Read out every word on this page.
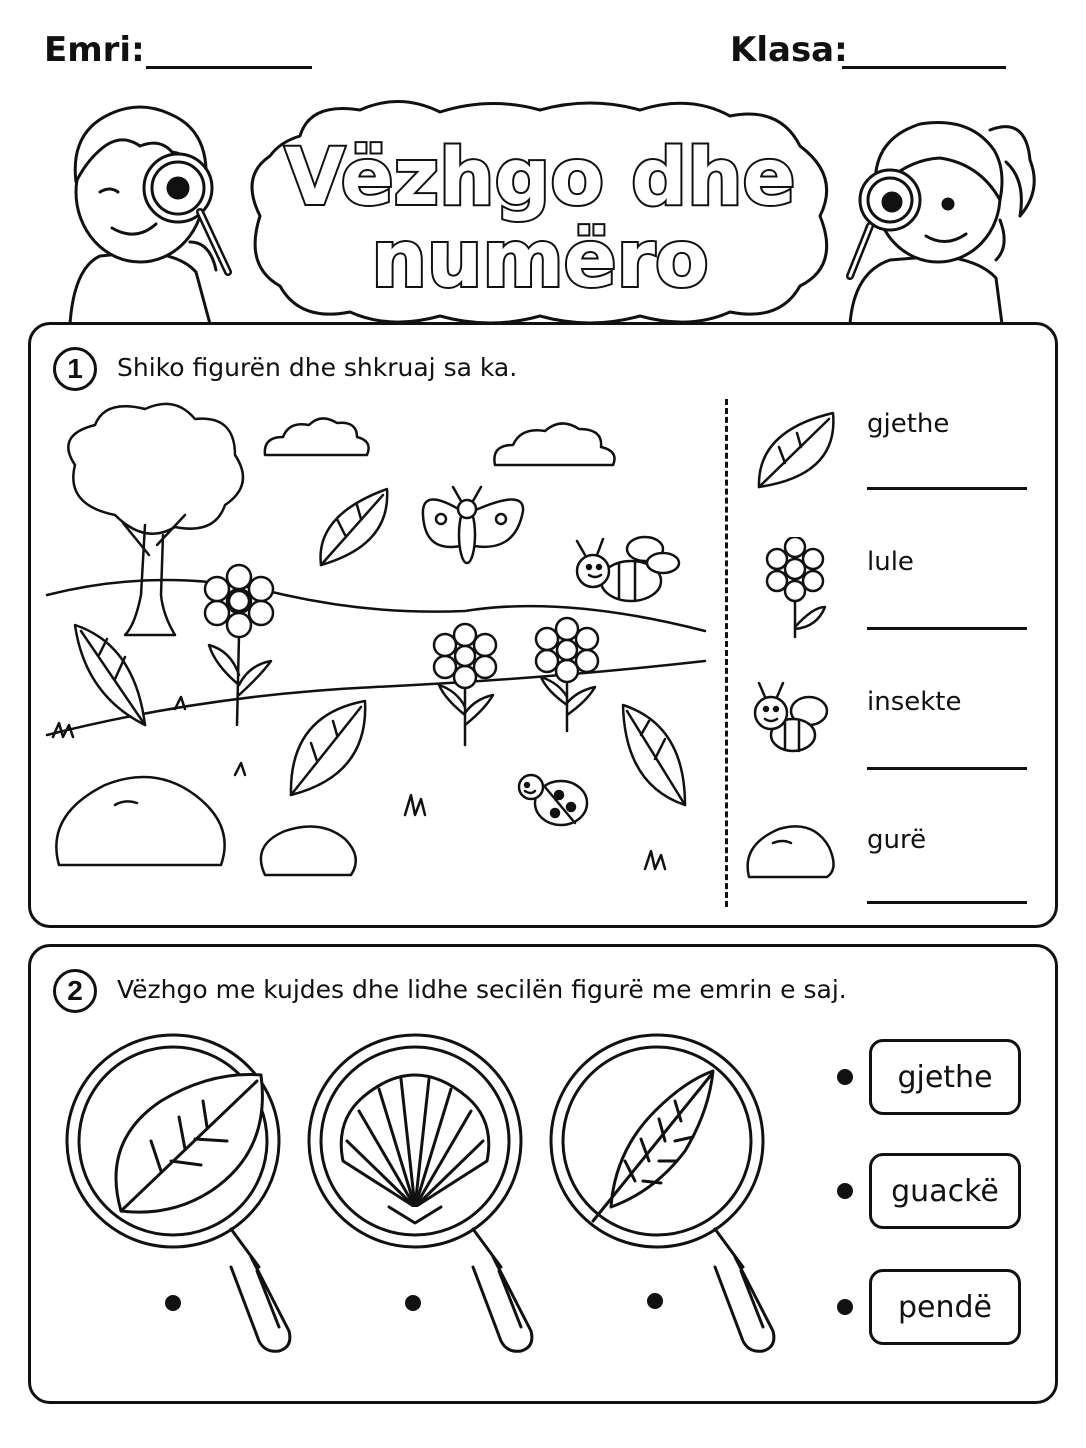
Emri:	Klasa:
Vëzhgo dhe
numëro
1	Shiko figurën dhe shkruaj sa ka.
gjethe
lule
insekte
gurë
2	Vëzhgo me kujdes dhe lidhe secilën figurë me emrin e saj.
gjethe
guackë
pendë
